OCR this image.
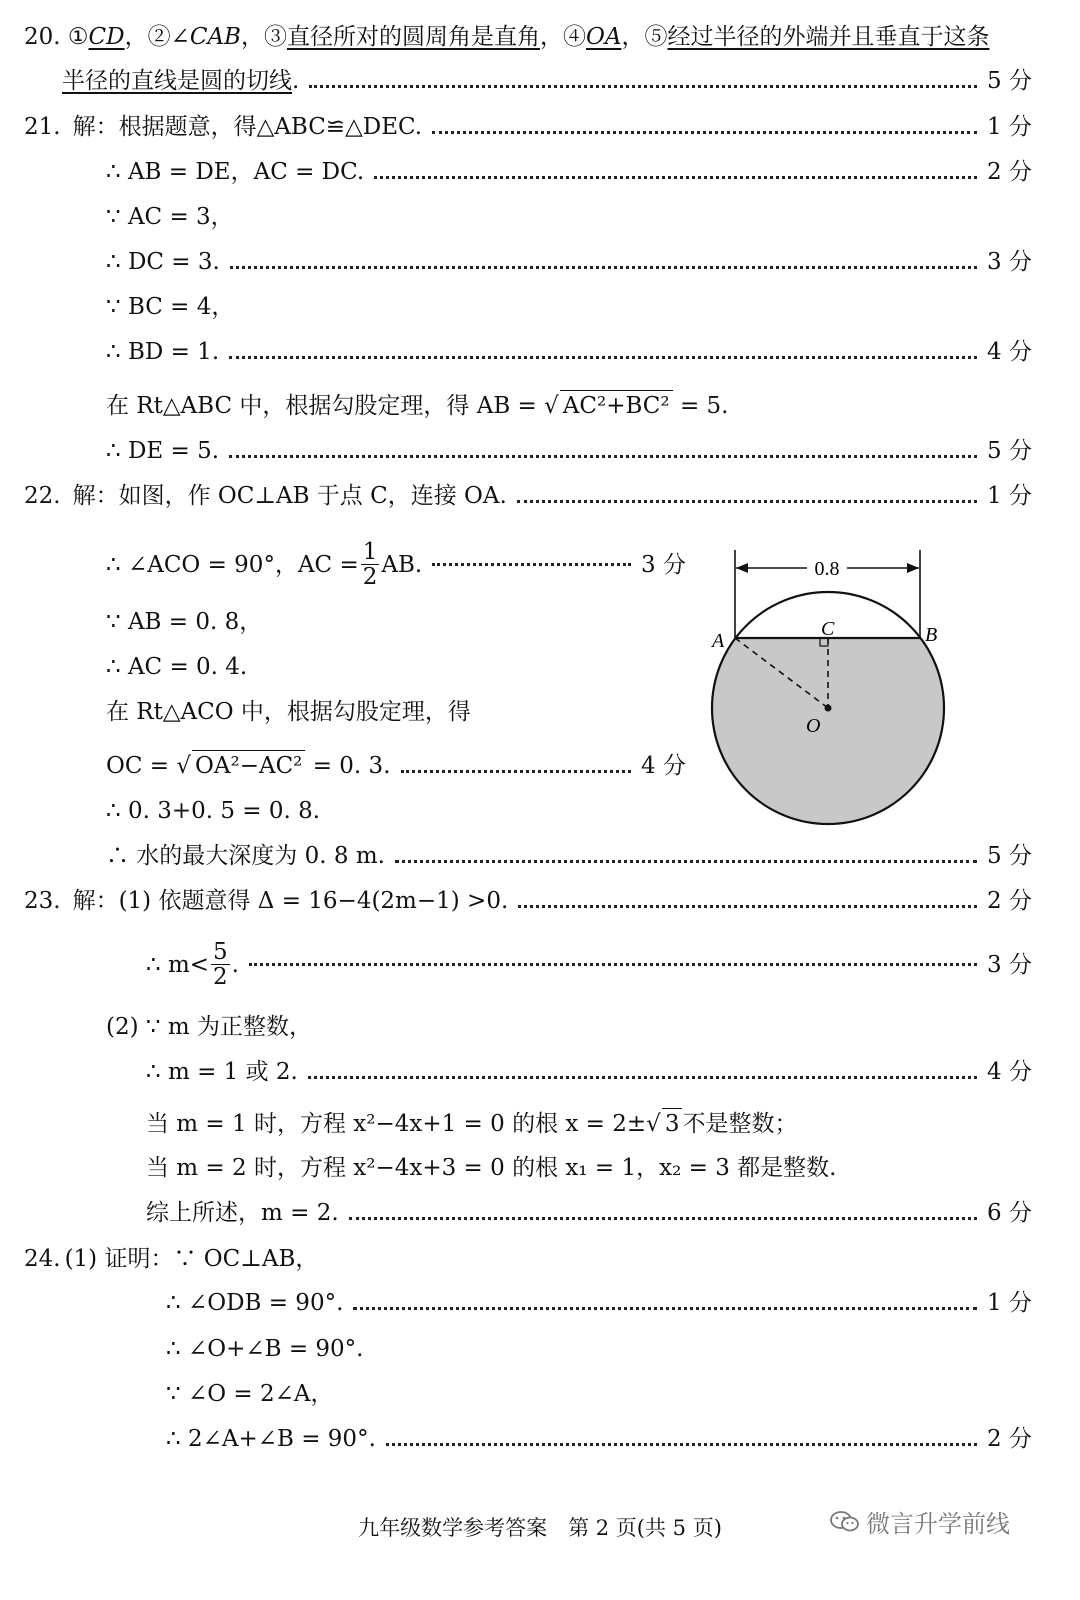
20. ①CD，②∠CAB，③直径所对的圆周角是直角，④OA，⑤经过半径的外端并且垂直于这条
半径的直线是圆的切线.	5 分
21. 解：根据题意，得△ABC≌△DEC.	1 分
∴ AB = DE，AC = DC.	2 分
∵ AC = 3，
∴ DC = 3.	3 分
∵ BC = 4，
∴ BD = 1.	4 分
在 Rt△ABC 中，根据勾股定理，得 AB = √ AC²+BC² = 5.
∴ DE = 5.	5 分
22. 解：如图，作 OC⊥AB 于点 C，连接 OA.	1 分
∴ ∠ACO = 90°，AC = $\frac{1}{2}$ AB.	3 分
∵ AB = 0. 8，
∴ AC = 0. 4.
在 Rt△ACO 中，根据勾股定理，得
OC = √ OA²−AC²
= 0. 3.	4 分
∴ 0. 3+0. 5 = 0. 8.
∴ 水的最大深度为 0. 8 m.	5 分
0.8
A	B
C
O
23. 解：(1) 依题意得 Δ = 16−4(2m−1) >0.	2 分
∴ $m< \frac{5}{2}$ .	3 分
(2) ∵ m 为正整数，
∴ m = 1 或 2.	4 分
当 m = 1 时，方程 x²−4x+1 = 0 的根 x = 2±√ 3 不是整数；
当 m = 2 时，方程 x²−4x+3 = 0 的根 x₁ = 1，x₂ = 3 都是整数.
综上所述，m = 2.	6 分
24. (1) 证明：∵ OC⊥AB，
∴ ∠ODB = 90°.	1 分
∴ ∠O+∠B = 90°.
∵ ∠O = 2∠A，
∴ 2∠A+∠B = 90°.	2 分
九年级数学参考答案　第 2 页(共 5 页)	微言升学前线
